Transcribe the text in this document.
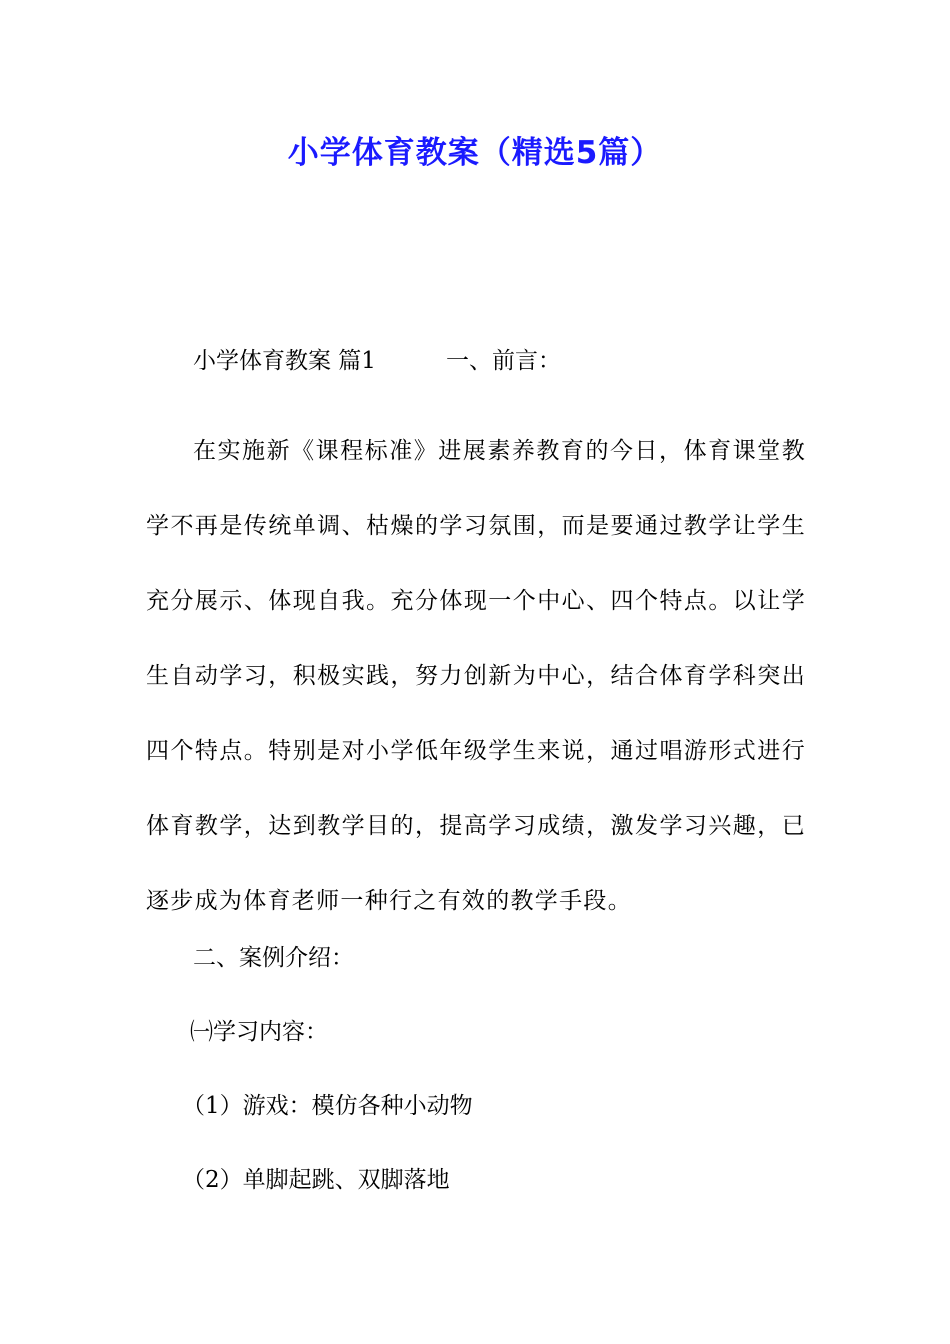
小学体育教案（精选5篇）
小学体育教案 篇1	一、前言：

在实施新《课程标准》进展素养教育的今日，体育课堂教学不再是传统单调、枯燥的学习氛围，而是要通过教学让学生充分展示、体现自我。充分体现一个中心、四个特点。以让学生自动学习，积极实践，努力创新为中心，结合体育学科突出四个特点。特别是对小学低年级学生来说，通过唱游形式进行体育教学，达到教学目的，提高学习成绩，激发学习兴趣，已逐步成为体育老师一种行之有效的教学手段。

二、案例介绍：
㈠学习内容：
（1）游戏：模仿各种小动物
（2）单脚起跳、双脚落地
